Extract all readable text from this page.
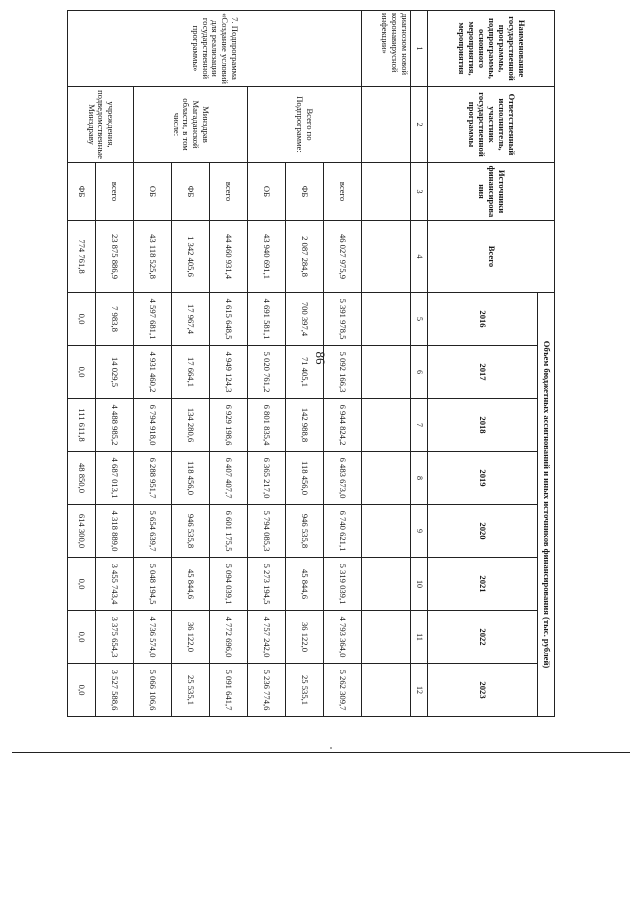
86
Наименование государственной программы, подпрограммы, основного мероприятия, мероприятия	Ответственный исполнитель, участник государственной программы	Источники финансирования	Всего	Объем бюджетных ассигнований и иных источников финансирования (тыс. рублей)							
				2016	2017	2018	2019	2020	2021	2022	2023
1	2	3	4	5	6	7	8	9	10	11	12
диагнозом новой коронавирусной инфекции»											
7. Подпрограмма «Создание условий для реализации государственной программы»	Всего по Подпрограмме:	всего	46 027 975,9	5 391 978,5	5 092 166,3	6 944 824,2	6 483 673,0	6 740 621,1	5 319 039,1	4 793 364,0	5 262 309,7
		ФБ	2 087 284,8	700 397,4	71 405,1	142 988,8	118 456,0	946 535,8	45 844,6	36 122,0	25 535,1
		ОБ	43 940 691,1	4 691 581,1	5 020 761,2	6 801 835,4	6 365 217,0	5 794 085,3	5 273 194,5	4 757 242,0	5 236 774,6
	Минздрав Магаданской области, в том числе:	всего	44 460 931,4	4 615 648,5	4 949 124,3	6 929 198,6	6 407 407,7	6 601 175,5	5 094 039,1	4 772 696,0	5 091 641,7
		ФБ	1 342 405,6	17 967,4	17 664,1	134 280,6	118 456,0	946 535,8	45 844,6	36 122,0	25 535,1
		ОБ	43 118 525,8	4 597 681,1	4 931 460,2	6 794 918,0	6 288 951,7	5 654 639,7	5 048 194,5	4 736 574,0	5 066 106,6
	учреждения, подведомственные Минздраву	всего	23 875 886,9	7 983,8	14 029,5	4 488 985,2	4 687 013,1	4 318 889,0	3 455 743,4	3 375 654,3	3 527 588,6
		ФБ	774 761,8	0,0	0,0	111 611,8	48 850,0	614 300,0	0,0	0,0	0,0
